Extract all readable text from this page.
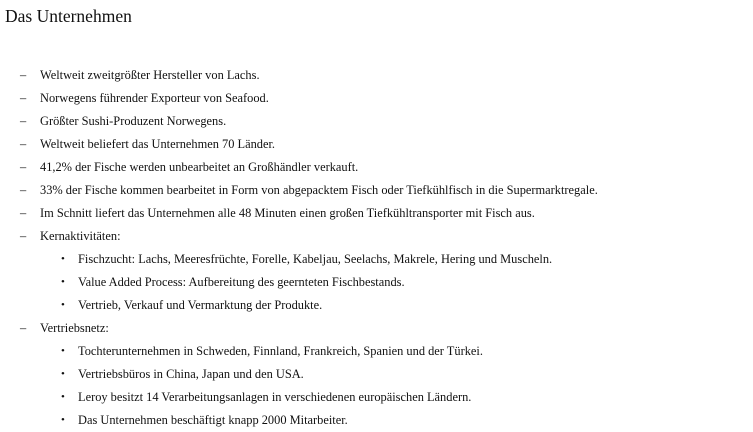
Das Unternehmen
–	Weltweit zweitgrößter Hersteller von Lachs.
–	Norwegens führender Exporteur von Seafood.
–	Größter Sushi-Produzent Norwegens.
–	Weltweit beliefert das Unternehmen 70 Länder.
–	41,2% der Fische werden unbearbeitet an Großhändler verkauft.
–	33% der Fische kommen bearbeitet in Form von abgepacktem Fisch oder Tiefkühlfisch in die Supermarktregale.
–	Im Schnitt liefert das Unternehmen alle 48 Minuten einen großen Tiefkühltransporter mit Fisch aus.
–	Kernaktivitäten:
• Fischzucht: Lachs, Meeresfrüchte, Forelle, Kabeljau, Seelachs, Makrele, Hering und Muscheln.
• Value Added Process: Aufbereitung des geernteten Fischbestands.
• Vertrieb, Verkauf und Vermarktung der Produkte.
–	Vertriebsnetz:
• Tochterunternehmen in Schweden, Finnland, Frankreich, Spanien und der Türkei.
• Vertriebsbüros in China, Japan und den USA.
• Leroy besitzt 14 Verarbeitungsanlagen in verschiedenen europäischen Ländern.
• Das Unternehmen beschäftigt knapp 2000 Mitarbeiter.
